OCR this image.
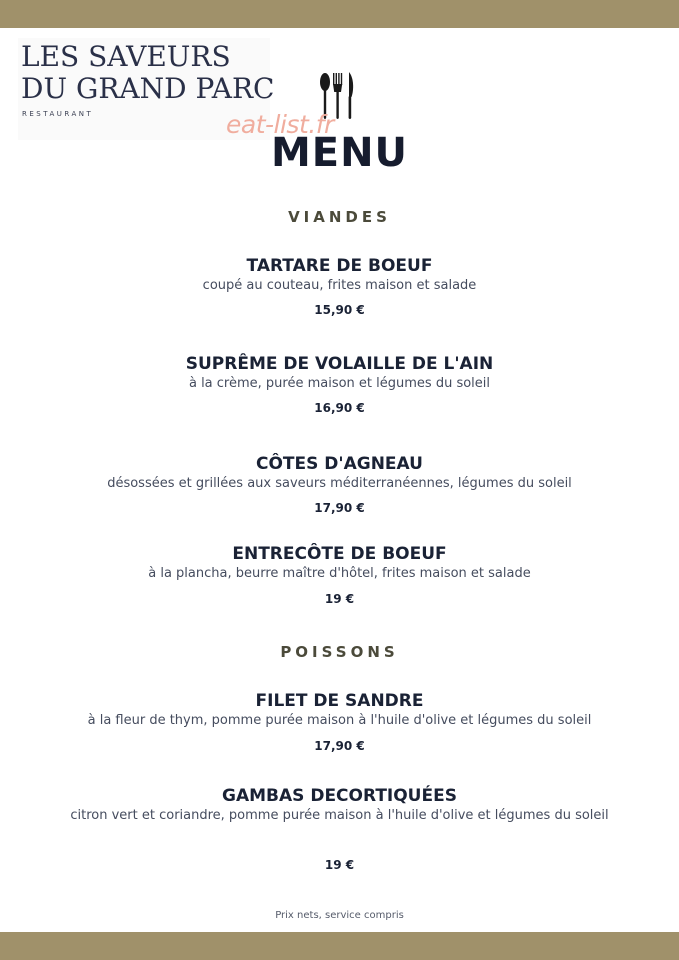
LES SAVEURS
DU GRAND PARC
RESTAURANT	eat-list.fr
MENU
VIANDES
TARTARE DE BOEUF
coupé au couteau, frites maison et salade
15,90 €
SUPRÊME DE VOLAILLE DE L'AIN
à la crème, purée maison et légumes du soleil
16,90 €
CÔTES D'AGNEAU
désossées et grillées aux saveurs méditerranéennes, légumes du soleil
17,90 €
ENTRECÔTE DE BOEUF
à la plancha, beurre maître d'hôtel, frites maison et salade
19 €
POISSONS
FILET DE SANDRE
à la fleur de thym, pomme purée maison à l'huile d'olive et légumes du soleil
17,90 €
GAMBAS DECORTIQUÉES
citron vert et coriandre, pomme purée maison à l'huile d'olive et légumes du soleil
19 €
Prix nets, service compris
